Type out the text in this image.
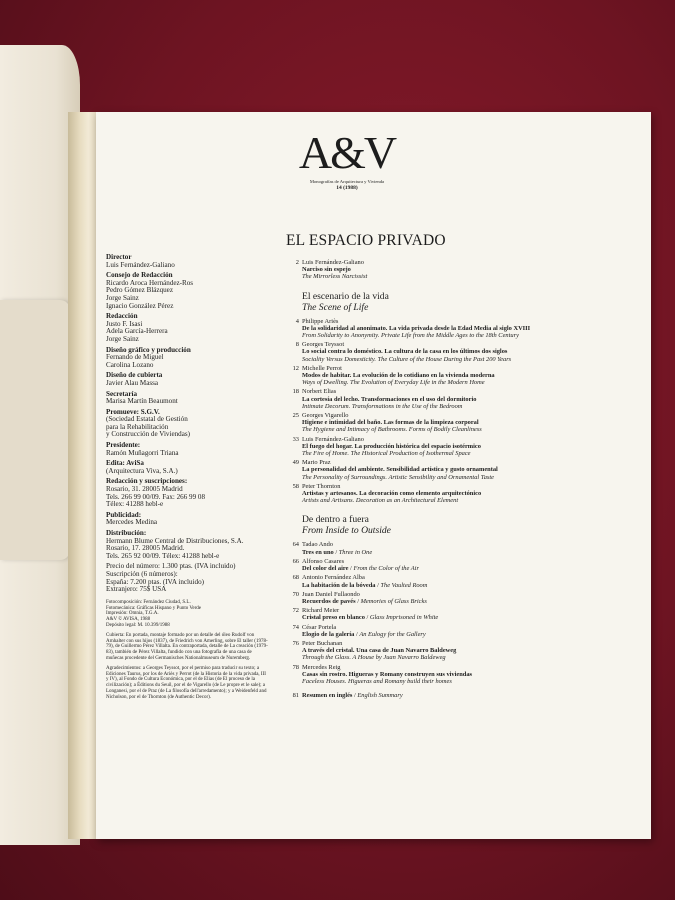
A&V
Monografías de Arquitectura y Vivienda
14 (1988)
Director
Luis Fernández-Galiano
Consejo de Redacción
Ricardo Aroca Hernández-Ros
Pedro Gómez Blázquez
Jorge Sainz
Ignacio González Pérez
Redacción
Justo F. Isasi
Adela García-Herrera
Jorge Sainz
Diseño gráfico y producción
Fernando de Miguel
Carolina Lozano
Diseño de cubierta
Javier Alau Massa
Secretaría
Marisa Martín Beaumont
Promueve: S.G.V.
(Sociedad Estatal de Gestión
para la Rehabilitación
y Construcción de Viviendas)
Presidente:
Ramón Muñagorri Triana
Edita: AviSa
(Arquitectura Viva, S.A.)
Redacción y suscripciones:
Rosario, 31. 28005 Madrid
Tels. 266 99 00/09. Fax: 266 99 08
Télex: 41288 hebl-e
Publicidad:
Mercedes Medina
Distribución:
Hermann Blume Central de Distribuciones, S.A.
Rosario, 17. 28005 Madrid.
Tels. 265 92 00/09. Télex: 41288 hebl-e
Precio del número: 1.300 ptas. (IVA incluido)
Suscripción (6 números):
España: 7.200 ptas. (IVA incluido)
Extranjero: 75$ USA
Fotocomposición: Fernández Ciudad, S.L.
Fotomecánica: Gráficas Hispano y Punto Verde
Impresión: Omnia, T.G.A.
A&V © AVISA, 1988
Depósito legal: M. 10.399/1988
Cubierta: En portada, montaje formado por un detalle del óleo Rudolf von Arnhalter con sus hijos (1837), de Friedrich von Amerling, sobre El taller (1978-79), de Guillermo Pérez Villalta. En contraportada, detalle de La creación (1979-83), también de Pérez Villalta, fundido con una fotografía de una casa de muñecas procedente del Germanisches Nationalmuseum de Nuremberg.
Agradecimientos: a Georges Teyssot, por el permiso para traducir su texto; a Ediciones Taurus, por los de Ariès y Perrot (de la Historia de la vida privada, III y IV), al Fondo de Cultura Económica, por el de Elias (de El proceso de la civilización); a Éditions du Seuil, por el de Vigarello (de Le propre et le sale); a Longanesi, por el de Praz (de La filosofía dell'arredamento); y a Weidenfeld and Nicholson, por el de Thornton (de Authentic Decor).
EL ESPACIO PRIVADO
2 Luis Fernández-Galiano
Narciso sin espejo
The Mirrorless Narcissist
El escenario de la vida
The Scene of Life
4 Philippe Ariès
De la solidaridad al anonimato. La vida privada desde la Edad Media al siglo XVIII
From Solidarity to Anonymity. Private Life from the Middle Ages to the 18th Century
8 Georges Teyssot
Lo social contra lo doméstico. La cultura de la casa en los últimos dos siglos
Sociality Versus Domesticity. The Culture of the House During the Past 200 Years
12 Michelle Perrot
Modos de habitar. La evolución de lo cotidiano en la vivienda moderna
Ways of Dwelling. The Evolution of Everyday Life in the Modern Home
18 Norbert Elias
La cortesía del lecho. Transformaciones en el uso del dormitorio
Intimate Decorum. Transformations in the Use of the Bedroom
25 Georges Vigarello
Higiene e intimidad del baño. Las formas de la limpieza corporal
The Hygiene and Intimacy of Bathrooms. Forms of Bodily Cleanliness
33 Luis Fernández-Galiano
El fuego del hogar. La producción histórica del espacio isotérmico
The Fire of Home. The Historical Production of Isothermal Space
49 Mario Praz
La personalidad del ambiente. Sensibilidad artística y gusto ornamental
The Personality of Surroundings. Artistic Sensibility and Ornamental Taste
58 Peter Thornton
Artistas y artesanos. La decoración como elemento arquitectónico
Artists and Artisans. Decoration as an Architectural Element
De dentro a fuera
From Inside to Outside
64 Tadao Ando
Tres en uno / Three in One
66 Alfonso Casares
Del color del aire / From the Color of the Air
68 Antonio Fernández Alba
La habitación de la bóveda / The Vaulted Room
70 Juan Daniel Fullaondo
Recuerdos de pavés / Memories of Glass Bricks
72 Richard Meier
Cristal preso en blanco / Glass Imprisoned in White
74 César Portela
Elogio de la galería / An Eulogy for the Gallery
76 Peter Buchanan
A través del cristal. Una casa de Juan Navarro Baldeweg
Through the Glass. A House by Juan Navarro Baldeweg
78 Mercedes Reig
Casas sin rostro. Higueras y Romany construyen sus viviendas
Faceless Houses. Higueras and Romany build their homes
81 Resumen en inglés / English Summary
